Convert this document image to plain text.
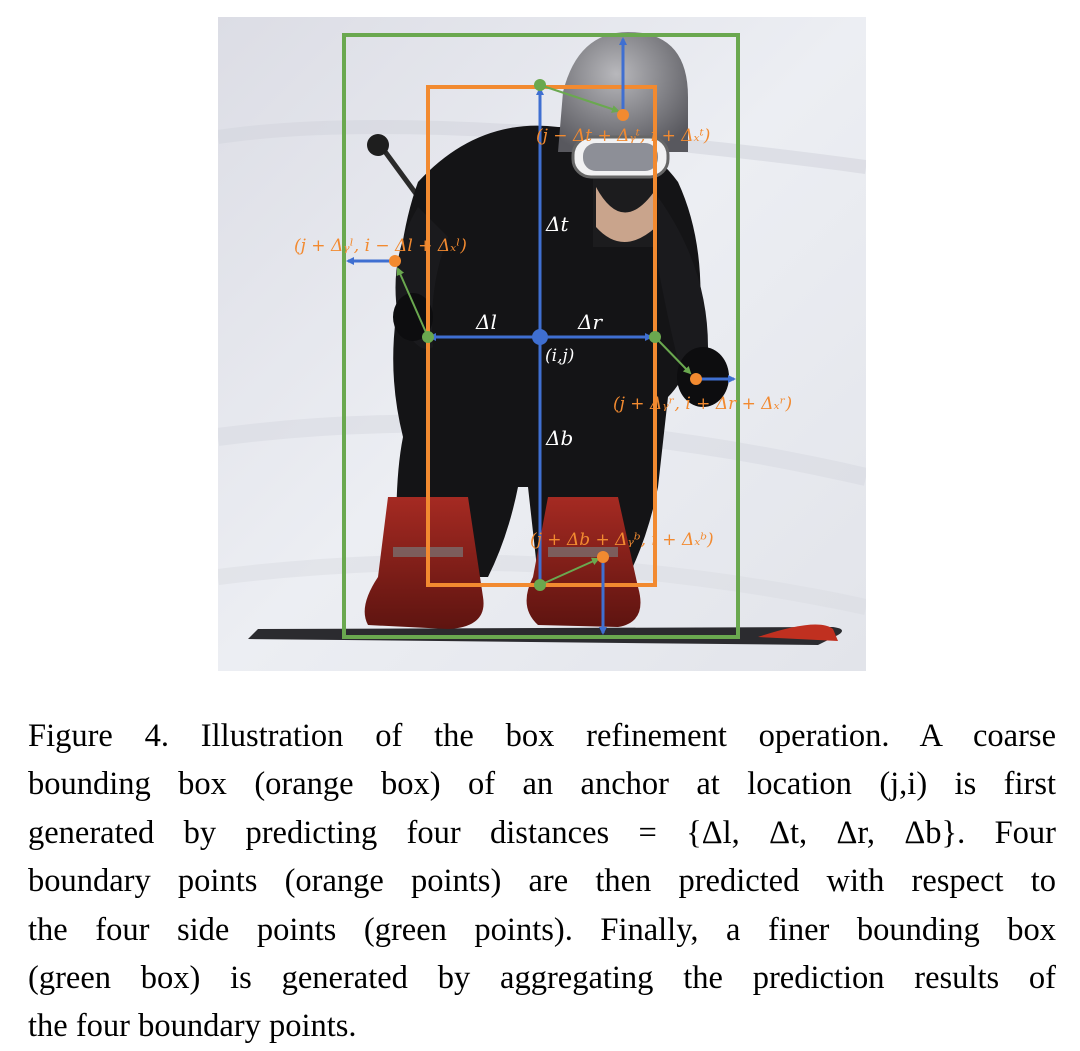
Δt
Δl	Δr
Δb
(i,j)
(j − Δt + Δᵧᵗ, i + Δₓᵗ)
(j + Δᵧˡ, i − Δl + Δₓˡ)
(j + Δᵧʳ, i + Δr + Δₓʳ)
(j + Δb + Δᵧᵇ, i + Δₓᵇ)
Figure 4. Illustration of the box refinement operation. A coarse bounding box (orange box) of an anchor at location (j,i) is first generated by predicting four distances = {Δl, Δt, Δr, Δb}. Four boundary points (orange points) are then predicted with respect to the four side points (green points). Finally, a finer bounding box (green box) is generated by aggregating the prediction results of the four boundary points.
